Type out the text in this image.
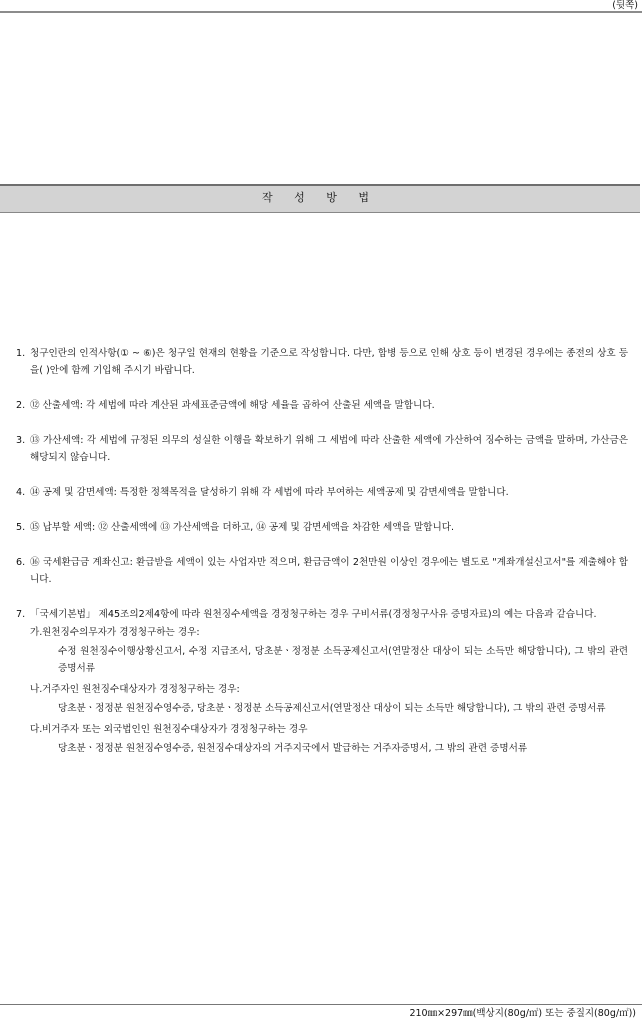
(뒷쪽)
작 성 방 법
1. 청구인란의 인적사항(① ~ ⑥)은 청구일 현재의 현황을 기준으로 작성합니다. 다만, 합병 등으로 인해 상호 등이 변경된 경우에는 종전의 상호 등을( )안에 함께 기입해 주시기 바랍니다.
2. ⑫ 산출세액: 각 세법에 따라 계산된 과세표준금액에 해당 세율을 곱하여 산출된 세액을 말합니다.
3. ⑬ 가산세액: 각 세법에 규정된 의무의 성실한 이행을 확보하기 위해 그 세법에 따라 산출한 세액에 가산하여 징수하는 금액을 말하며, 가산금은 해당되지 않습니다.
4. ⑭ 공제 및 감면세액: 특정한 정책목적을 달성하기 위해 각 세법에 따라 부여하는 세액공제 및 감면세액을 말합니다.
5. ⑮ 납부할 세액: ⑫ 산출세액에 ⑬ 가산세액을 더하고, ⑭ 공제 및 감면세액을 차감한 세액을 말합니다.
6. ⑯ 국세환급금 계좌신고: 환급받을 세액이 있는 사업자만 적으며, 환급금액이 2천만원 이상인 경우에는 별도로 "계좌개설신고서"를 제출해야 합니다.
7. 「국세기본법」 제45조의2제4항에 따라 원천징수세액을 경정청구하는 경우 구비서류(경정청구사유 증명자료)의 예는 다음과 같습니다.
가. 원천징수의무자가 경정청구하는 경우:
수정 원천징수이행상황신고서, 수정 지급조서, 당초분ㆍ정정분 소득공제신고서(연말정산 대상이 되는 소득만 해당합니다), 그 밖의 관련 증명서류
나. 거주자인 원천징수대상자가 경정청구하는 경우:
당초분ㆍ정정분 원천징수영수증, 당초분ㆍ정정분 소득공제신고서(연말정산 대상이 되는 소득만 해당합니다), 그 밖의 관련 증명서류
다. 비거주자 또는 외국법인인 원천징수대상자가 경정청구하는 경우
당초분ㆍ정정분 원천징수영수증, 원천징수대상자의 거주지국에서 발급하는 거주자증명서, 그 밖의 관련 증명서류
210㎜×297㎜(백상지(80g/㎡) 또는 중질지(80g/㎡))
